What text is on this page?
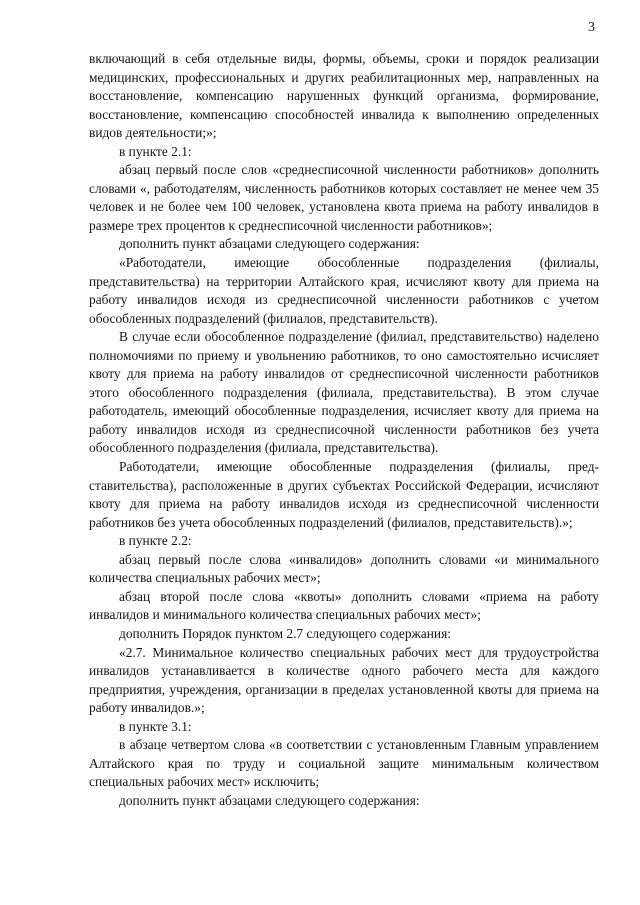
3

включающий в себя отдельные виды, формы, объемы, сроки и порядок реализации медицинских, профессиональных и других реабилитационных мер, направленных на восстановление, компенсацию нарушенных функций организма, формирование, восстановление, компенсацию способностей инвалида к выполнению определенных видов деятельности;»;

в пункте 2.1:

абзац первый после слов «среднесписочной численности работников» дополнить словами «, работодателям, численность работников которых составляет не менее чем 35 человек и не более чем 100 человек, установлена квота приема на работу инвалидов в размере трех процентов к среднесписочной численности работников»;

дополнить пункт абзацами следующего содержания:

«Работодатели, имеющие обособленные подразделения (филиалы, представительства) на территории Алтайского края, исчисляют квоту для приема на работу инвалидов исходя из среднесписочной численности работников с учетом обособленных подразделений (филиалов, представительств).

В случае если обособленное подразделение (филиал, представительство) наделено полномочиями по приему и увольнению работников, то оно самостоятельно исчисляет квоту для приема на работу инвалидов от среднесписочной численности работников этого обособленного подразделения (филиала, представительства). В этом случае работодатель, имеющий обособленные подразделения, исчисляет квоту для приема на работу инвалидов исходя из среднесписочной численности работников без учета обособленного подразделения (филиала, представительства).

Работодатели, имеющие обособленные подразделения (филиалы, представительства), расположенные в других субъектах Российской Федерации, исчисляют квоту для приема на работу инвалидов исходя из среднесписочной численности работников без учета обособленных подразделений (филиалов, представительств).»;

в пункте 2.2:

абзац первый после слова «инвалидов» дополнить словами «и минимального количества специальных рабочих мест»;

абзац второй после слова «квоты» дополнить словами «приема на работу инвалидов и минимального количества специальных рабочих мест»;

дополнить Порядок пунктом 2.7 следующего содержания:

«2.7. Минимальное количество специальных рабочих мест для трудоустройства инвалидов устанавливается в количестве одного рабочего места для каждого предприятия, учреждения, организации в пределах установленной квоты для приема на работу инвалидов.»;

в пункте 3.1:

в абзаце четвертом слова «в соответствии с установленным Главным управлением Алтайского края по труду и социальной защите минимальным количеством специальных рабочих мест» исключить;

дополнить пункт абзацами следующего содержания:
